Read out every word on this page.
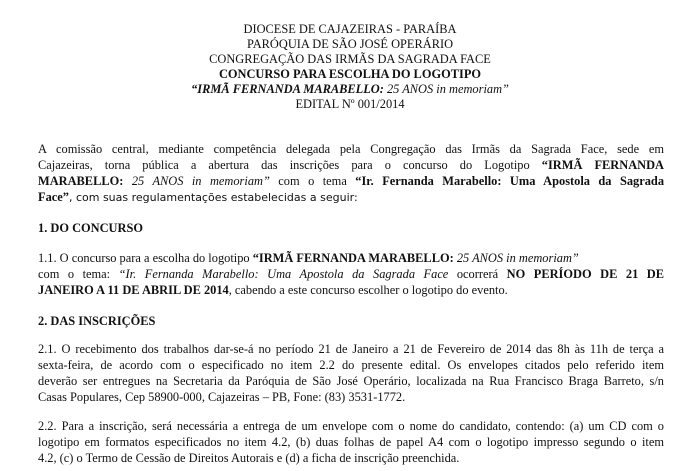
DIOCESE DE CAJAZEIRAS - PARAÍBA
PARÓQUIA DE SÃO JOSÉ OPERÁRIO
CONGREGAÇÃO DAS IRMÃS DA SAGRADA FACE
CONCURSO PARA ESCOLHA DO LOGOTIPO
“IRMÃ FERNANDA MARABELLO: 25 ANOS in memoriam”
EDITAL Nº 001/2014
A comissão central, mediante competência delegada pela Congregação das Irmãs da Sagrada Face, sede em
Cajazeiras, torna pública a abertura das inscrições para o concurso do Logotipo “IRMÃ FERNANDA
MARABELLO: 25 ANOS in memoriam” com o tema “Ir. Fernanda Marabello: Uma Apostola da Sagrada
Face”, com suas regulamentações estabelecidas a seguir:
1. DO CONCURSO
1.1. O concurso para a escolha do logotipo “IRMÃ FERNANDA MARABELLO: 25 ANOS in memoriam”
com o tema: “Ir. Fernanda Marabello: Uma Apostola da Sagrada Face ocorrerá NO PERÍODO DE 21 DE
JANEIRO A 11 DE ABRIL DE 2014, cabendo a este concurso escolher o logotipo do evento.
2. DAS INSCRIÇÕES
2.1. O recebimento dos trabalhos dar-se-á no período 21 de Janeiro a 21 de Fevereiro de 2014 das 8h às 11h de terça a
sexta-feira, de acordo com o especificado no item 2.2 do presente edital. Os envelopes citados pelo referido item
deverão ser entregues na Secretaria da Paróquia de São José Operário, localizada na Rua Francisco Braga Barreto, s/n
Casas Populares, Cep 58900-000, Cajazeiras – PB, Fone: (83) 3531-1772.
2.2. Para a inscrição, será necessária a entrega de um envelope com o nome do candidato, contendo: (a) um CD com o
logotipo em formatos especificados no item 4.2, (b) duas folhas de papel A4 com o logotipo impresso segundo o item
4.2, (c) o Termo de Cessão de Direitos Autorais e (d) a ficha de inscrição preenchida.
